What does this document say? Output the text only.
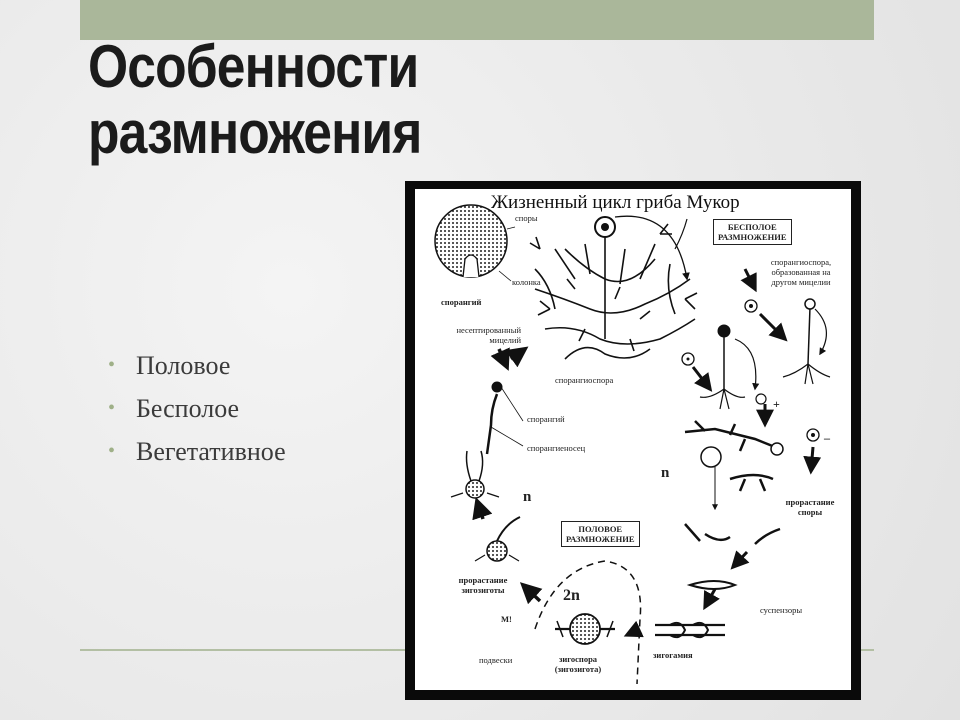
Особенности
размножения
• Половое
• Бесполое
• Вегетативное
Жизненный цикл гриба Мукор
споры
колонка
спорангий
несептированный
мицелий
спорангиоспора
спорангий
спорангиеносец
прорастание
зигозиготы
М!
подвески	зигоспора
(зигозигота)
зигогамия
суспензоры
прорастание
споры
спорангиоспора,
образованная на
другом мицелии
БЕСПОЛОЕ
РАЗМНОЖЕНИЕ
ПОЛОВОЕ
РАЗМНОЖЕНИЕ
n
n
2n
+
–
